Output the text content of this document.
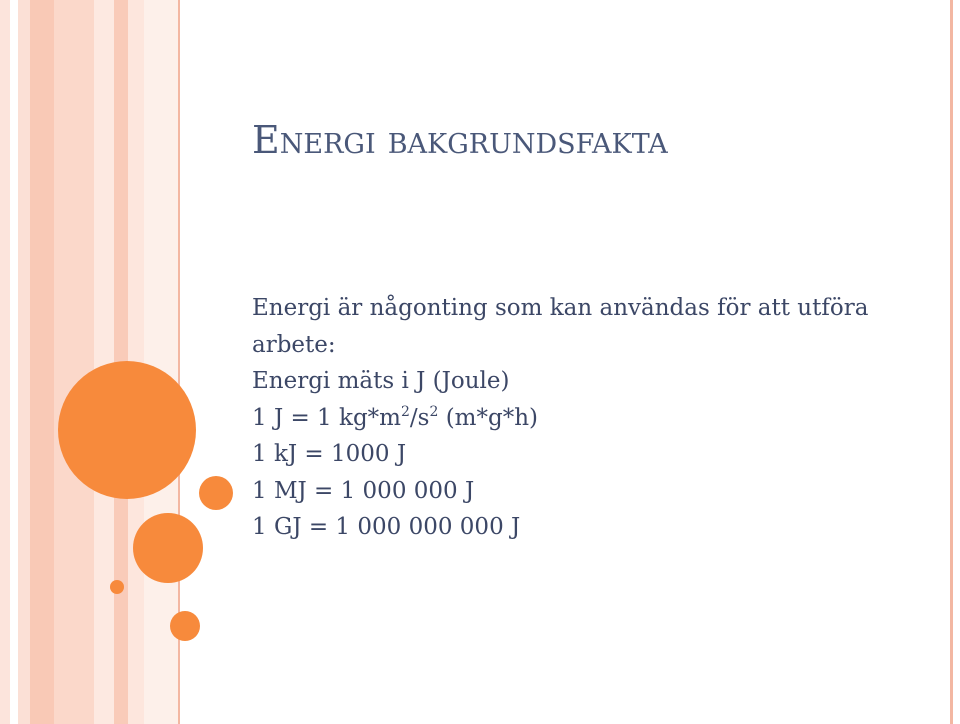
Energi bakgrundsfakta
Energi är någonting som kan användas för att utföra arbete:
Energi mäts i J (Joule)
1 J = 1 $kg*m^2/s^2$ (m*g*h)
1 kJ = 1000 J
1 MJ = 1 000 000 J
1 GJ = 1 000 000 000 J
